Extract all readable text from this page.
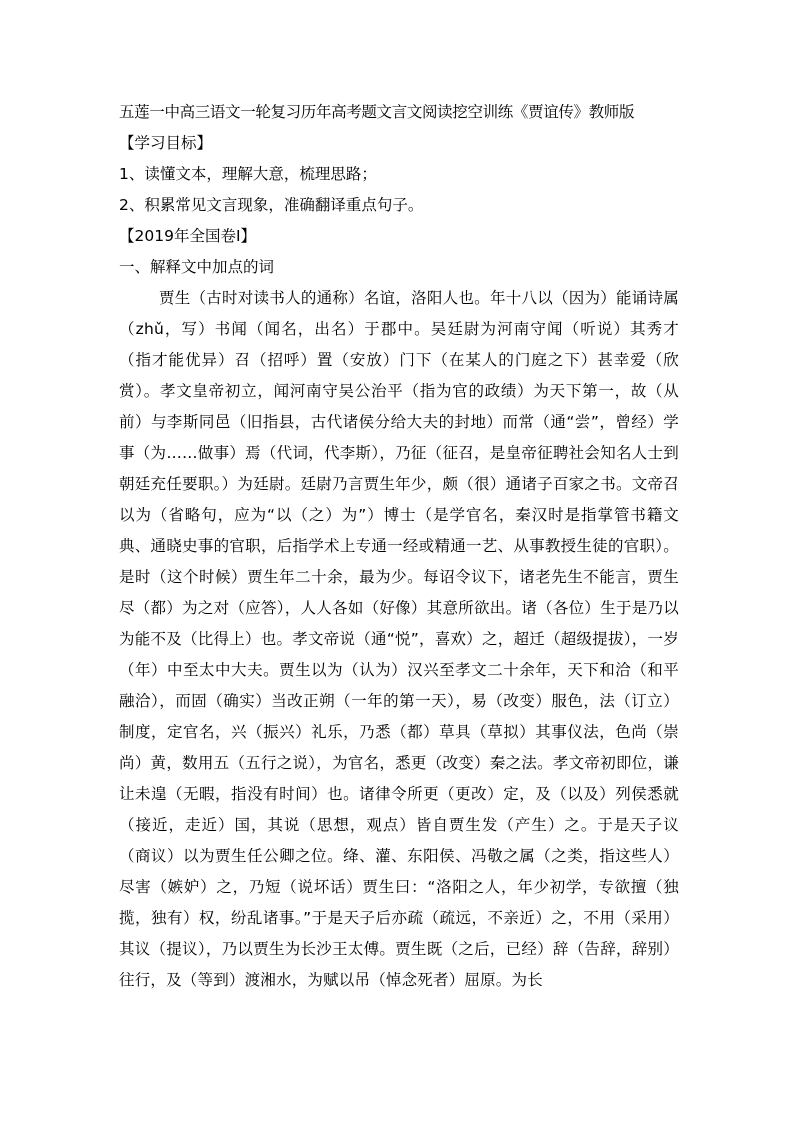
五莲一中高三语文一轮复习历年高考题文言文阅读挖空训练《贾谊传》教师版
【学习目标】
1、读懂文本，理解大意，梳理思路；
2、积累常见文言现象，准确翻译重点句子。
【2019年全国卷Ⅰ】
一、解释文中加点的词
贾生（古时对读书人的通称）名谊，洛阳人也。年十八以（因为）能诵诗属（zhǔ，写）书闻（闻名，出名）于郡中。吴廷尉为河南守闻（听说）其秀才（指才能优异）召（招呼）置（安放）门下（在某人的门庭之下）甚幸爱（欣赏）。孝文皇帝初立，闻河南守吴公治平（指为官的政绩）为天下第一，故（从前）与李斯同邑（旧指县，古代诸侯分给大夫的封地）而常（通“尝”，曾经）学事（为……做事）焉（代词，代李斯），乃征（征召，是皇帝征聘社会知名人士到朝廷充任要职。）为廷尉。廷尉乃言贾生年少，颇（很）通诸子百家之书。文帝召以为（省略句，应为“以（之）为”）博士（是学官名，秦汉时是指掌管书籍文典、通晓史事的官职，后指学术上专通一经或精通一艺、从事教授生徒的官职）。是时（这个时候）贾生年二十余，最为少。每诏令议下，诸老先生不能言，贾生尽（都）为之对（应答），人人各如（好像）其意所欲出。诸（各位）生于是乃以为能不及（比得上）也。孝文帝说（通“悦”，喜欢）之，超迁（超级提拔），一岁（年）中至太中大夫。贾生以为（认为）汉兴至孝文二十余年，天下和洽（和平融洽），而固（确实）当改正朔（一年的第一天），易（改变）服色，法（订立）制度，定官名，兴（振兴）礼乐，乃悉（都）草具（草拟）其事仪法，色尚（崇尚）黄，数用五（五行之说），为官名，悉更（改变）秦之法。孝文帝初即位，谦让未遑（无暇，指没有时间）也。诸律令所更（更改）定，及（以及）列侯悉就（接近，走近）国，其说（思想，观点）皆自贾生发（产生）之。于是天子议（商议）以为贾生任公卿之位。绛、灌、东阳侯、冯敬之属（之类，指这些人）尽害（嫉妒）之，乃短（说坏话）贾生曰：“洛阳之人，年少初学，专欲擅（独揽，独有）权，纷乱诸事。”于是天子后亦疏（疏远，不亲近）之，不用（采用）其议（提议），乃以贾生为长沙王太傅。贾生既（之后，已经）辞（告辞，辞别）往行，及（等到）渡湘水，为赋以吊（悼念死者）屈原。为长
